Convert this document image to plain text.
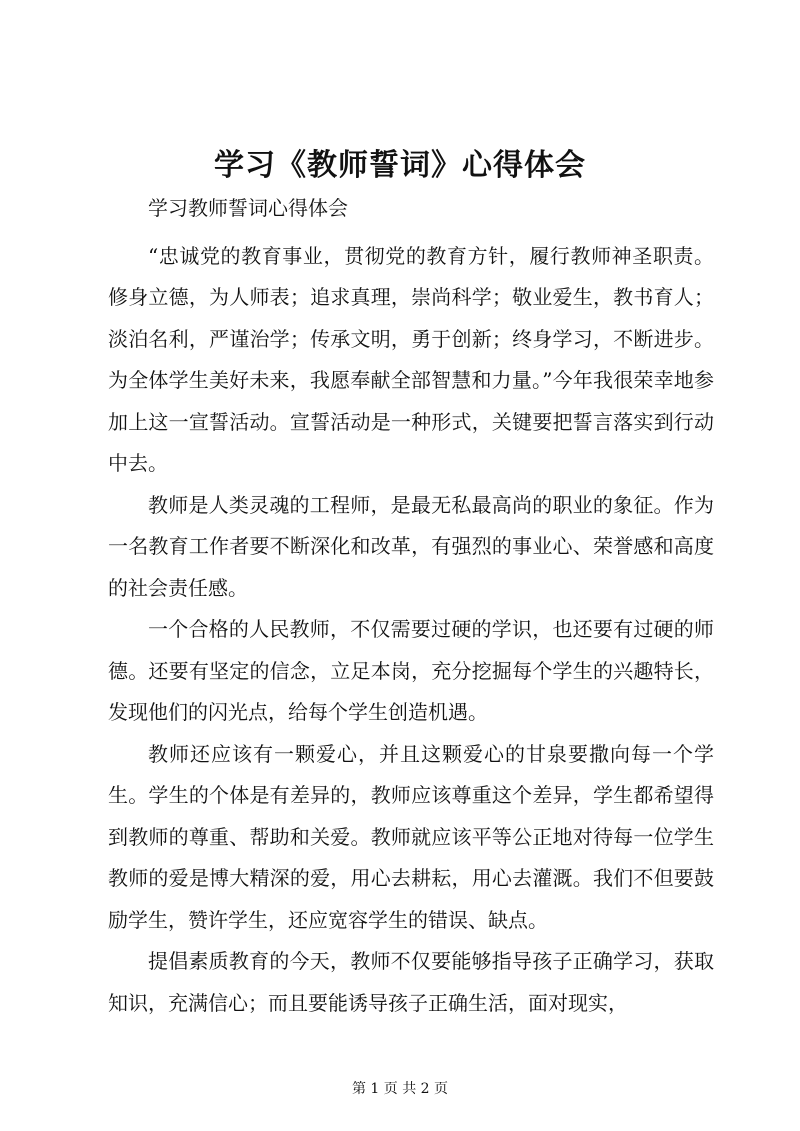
学习《教师誓词》心得体会

学习教师誓词心得体会

“忠诚党的教育事业，贯彻党的教育方针，履行教师神圣职责。修身立德，为人师表；追求真理，崇尚科学；敬业爱生，教书育人；淡泊名利，严谨治学；传承文明，勇于创新；终身学习，不断进步。为全体学生美好未来，我愿奉献全部智慧和力量。”今年我很荣幸地参加上这一宣誓活动。宣誓活动是一种形式，关键要把誓言落实到行动中去。

教师是人类灵魂的工程师，是最无私最高尚的职业的象征。作为一名教育工作者要不断深化和改革，有强烈的事业心、荣誉感和高度的社会责任感。

一个合格的人民教师，不仅需要过硬的学识，也还要有过硬的师德。还要有坚定的信念，立足本岗，充分挖掘每个学生的兴趣特长，发现他们的闪光点，给每个学生创造机遇。

教师还应该有一颗爱心，并且这颗爱心的甘泉要撒向每一个学生。学生的个体是有差异的，教师应该尊重这个差异，学生都希望得到教师的尊重、帮助和关爱。教师就应该平等公正地对待每一位学生教师的爱是博大精深的爱，用心去耕耘，用心去灌溉。我们不但要鼓励学生，赞许学生，还应宽容学生的错误、缺点。

提倡素质教育的今天，教师不仅要能够指导孩子正确学习，获取知识，充满信心；而且要能诱导孩子正确生活，面对现实，

第 1 页 共 2 页
